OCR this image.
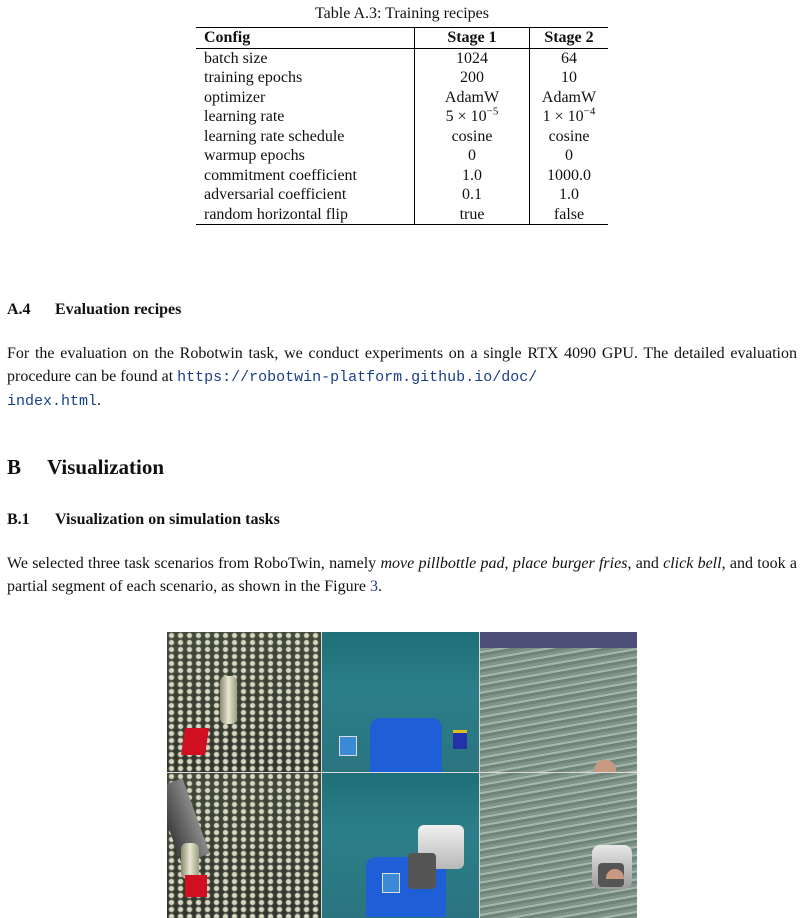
Table A.3: Training recipes
Config	Stage 1	Stage 2
batch size	1024	64
training epochs	200	10
optimizer	AdamW	AdamW
learning rate	$5 \times 10^{-5}$	$1 \times 10^{-4}$
learning rate schedule	cosine	cosine
warmup epochs	0	0
commitment coefficient	1.0	1000.0
adversarial coefficient	0.1	1.0
random horizontal flip	true	false
A.4 Evaluation recipes
For the evaluation on the Robotwin task, we conduct experiments on a single RTX 4090 GPU. The detailed evaluation procedure can be found at https://robotwin-platform.github.io/doc/
index.html.
B Visualization
B.1 Visualization on simulation tasks
We selected three task scenarios from RoboTwin, namely move pillbottle pad, place burger fries, and click bell, and took a partial segment of each scenario, as shown in the Figure 3.
